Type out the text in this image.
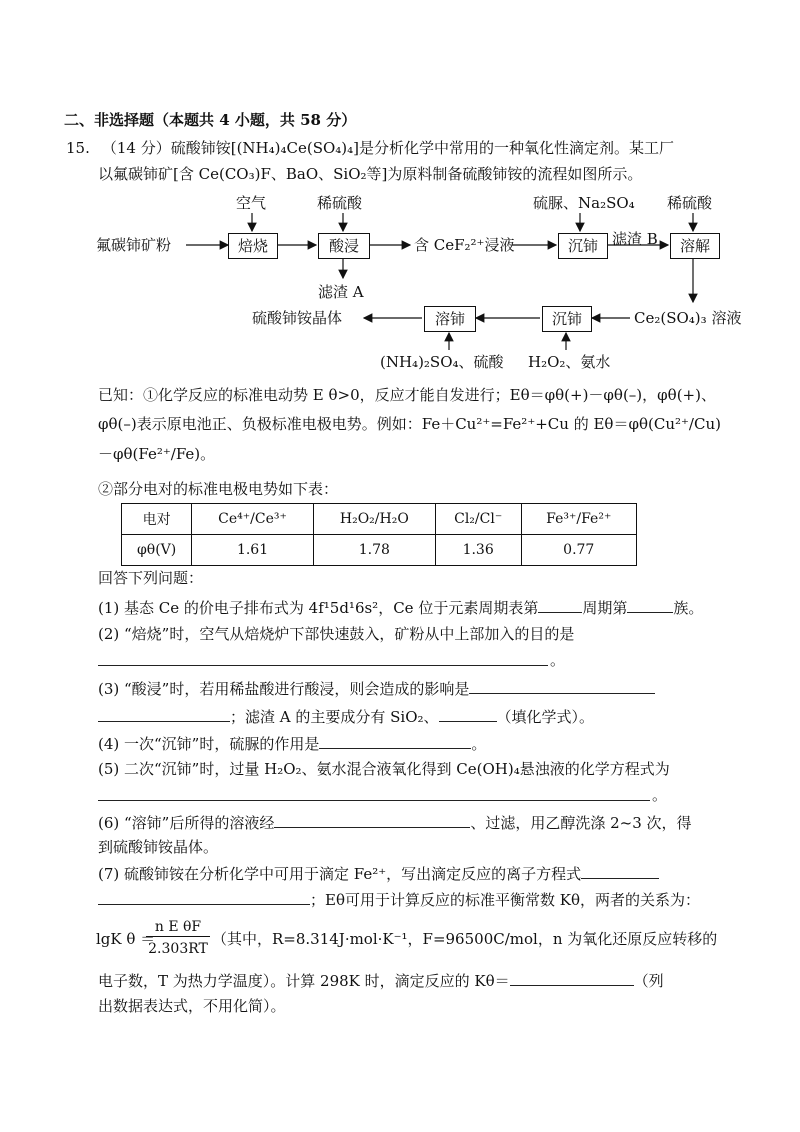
二、非选择题（本题共 4 小题，共 58 分）
15. （14 分）硫酸铈铵[(NH₄)₄Ce(SO₄)₄]是分析化学中常用的一种氧化性滴定剂。某工厂
以氟碳铈矿[含 Ce(CO₃)F、BaO、SiO₂等]为原料制备硫酸铈铵的流程如图所示。
氟碳铈矿粉	焙烧
空气
酸浸
稀硫酸
滤渣 A
含 CeF₂²⁺浸液	沉铈
硫脲、Na₂SO₄
滤渣 B	溶解
稀硫酸
Ce₂(SO₄)₃ 溶液
沉铈
H₂O₂、氨水
溶铈
(NH₄)₂SO₄、硫酸
硫酸铈铵晶体
已知：①化学反应的标准电动势 E θ>0，反应才能自发进行；Eθ＝φθ(+)－φθ(–)，φθ(+)、
φθ(–)表示原电池正、负极标准电极电势。例如：Fe＋Cu²⁺=Fe²⁺+Cu 的 Eθ＝φθ(Cu²⁺/Cu)
－φθ(Fe²⁺/Fe)。
②部分电对的标准电极电势如下表：
电对	Ce⁴⁺/Ce³⁺	H₂O₂/H₂O	Cl₂/Cl⁻	Fe³⁺/Fe²⁺
φθ(V)	1.61	1.78	1.36	0.77
回答下列问题：
(1) 基态 Ce 的价电子排布式为 4f¹5d¹6s²，Ce 位于元素周期表第	周期第	族。
(2) “焙烧”时，空气从焙烧炉下部快速鼓入，矿粉从中上部加入的目的是
。
(3) “酸浸”时，若用稀盐酸进行酸浸，则会造成的影响是
；滤渣 A 的主要成分有 SiO₂、	（填化学式）。
(4) 一次“沉铈”时，硫脲的作用是	。
(5) 二次“沉铈”时，过量 H₂O₂、氨水混合液氧化得到 Ce(OH)₄悬浊液的化学方程式为
。
(6) “溶铈”后所得的溶液经	、过滤，用乙醇洗涤 2~3 次，得
到硫酸铈铵晶体。
(7) 硫酸铈铵在分析化学中可用于滴定 Fe²⁺，写出滴定反应的离子方程式
；Eθ可用于计算反应的标准平衡常数 Kθ，两者的关系为：
lgK θ ＝
n E θF
2.303RT
（其中，R=8.314J·mol·K⁻¹，F=96500C/mol，n 为氧化还原反应转移的
电子数，T 为热力学温度）。计算 298K 时，滴定反应的 Kθ＝	（列
出数据表达式，不用化简）。
